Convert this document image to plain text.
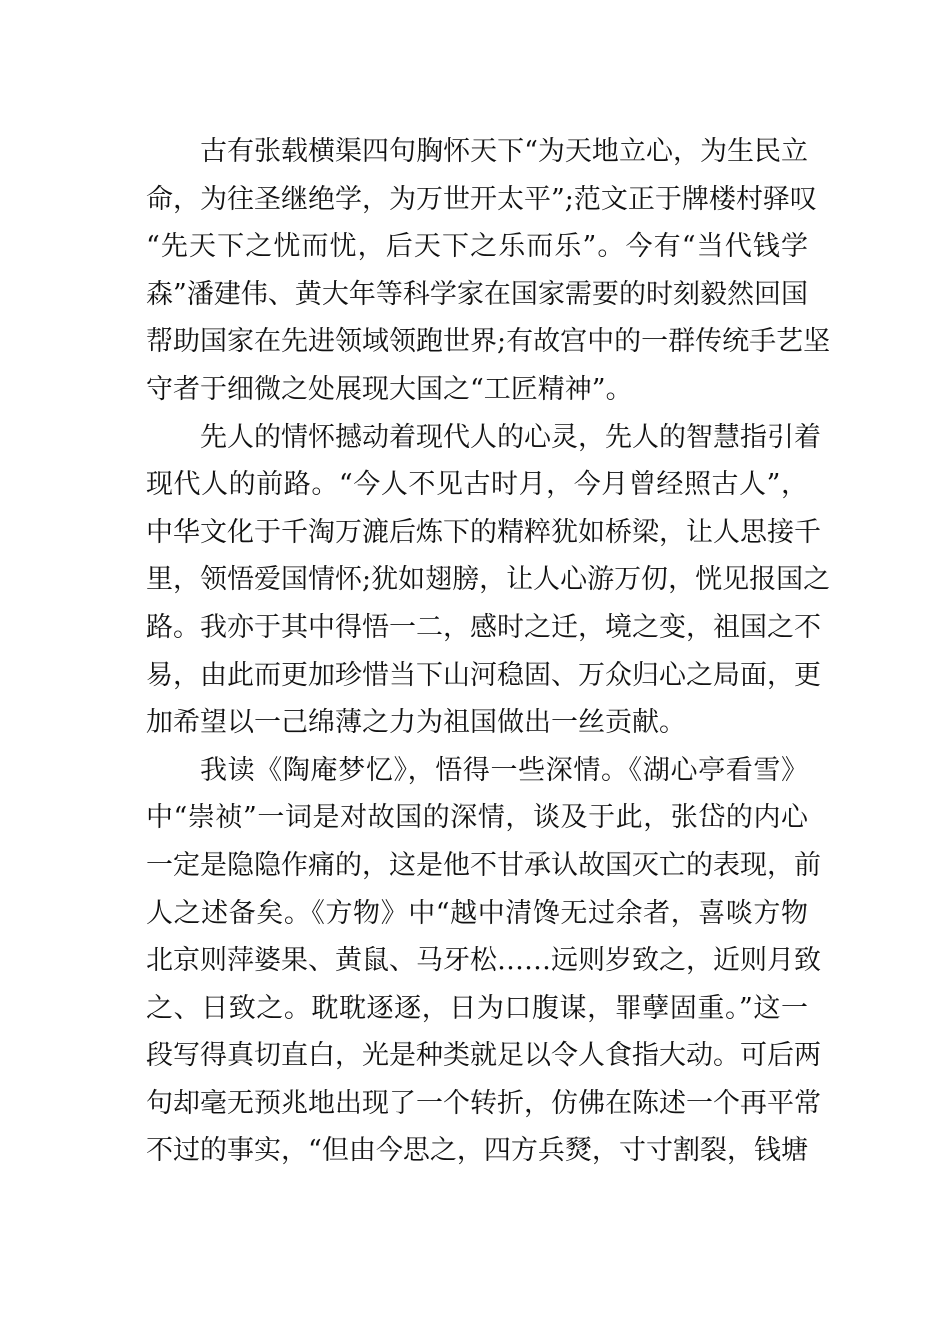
古有张载横渠四句胸怀天下“为天地立心，为生民立
命，为往圣继绝学，为万世开太平”;范文正于牌楼村驿叹
“先天下之忧而忧，后天下之乐而乐”。今有“当代钱学
森”潘建伟、黄大年等科学家在国家需要的时刻毅然回国
帮助国家在先进领域领跑世界;有故宫中的一群传统手艺坚
守者于细微之处展现大国之“工匠精神”。
先人的情怀撼动着现代人的心灵，先人的智慧指引着
现代人的前路。“今人不见古时月，今月曾经照古人”，
中华文化于千淘万漉后炼下的精粹犹如桥梁，让人思接千
里，领悟爱国情怀;犹如翅膀，让人心游万仞，恍见报国之
路。我亦于其中得悟一二，感时之迁，境之变，祖国之不
易，由此而更加珍惜当下山河稳固、万众归心之局面，更
加希望以一己绵薄之力为祖国做出一丝贡献。
我读《陶庵梦忆》，悟得一些深情。《湖心亭看雪》
中“崇祯”一词是对故国的深情，谈及于此，张岱的内心
一定是隐隐作痛的，这是他不甘承认故国灭亡的表现，前
人之述备矣。《方物》中“越中清馋无过余者，喜啖方物
北京则萍婆果、黄鼠、马牙松……远则岁致之，近则月致
之、日致之。耽耽逐逐，日为口腹谋，罪孽固重。”这一
段写得真切直白，光是种类就足以令人食指大动。可后两
句却毫无预兆地出现了一个转折，仿佛在陈述一个再平常
不过的事实，“但由今思之，四方兵燹，寸寸割裂，钱塘
